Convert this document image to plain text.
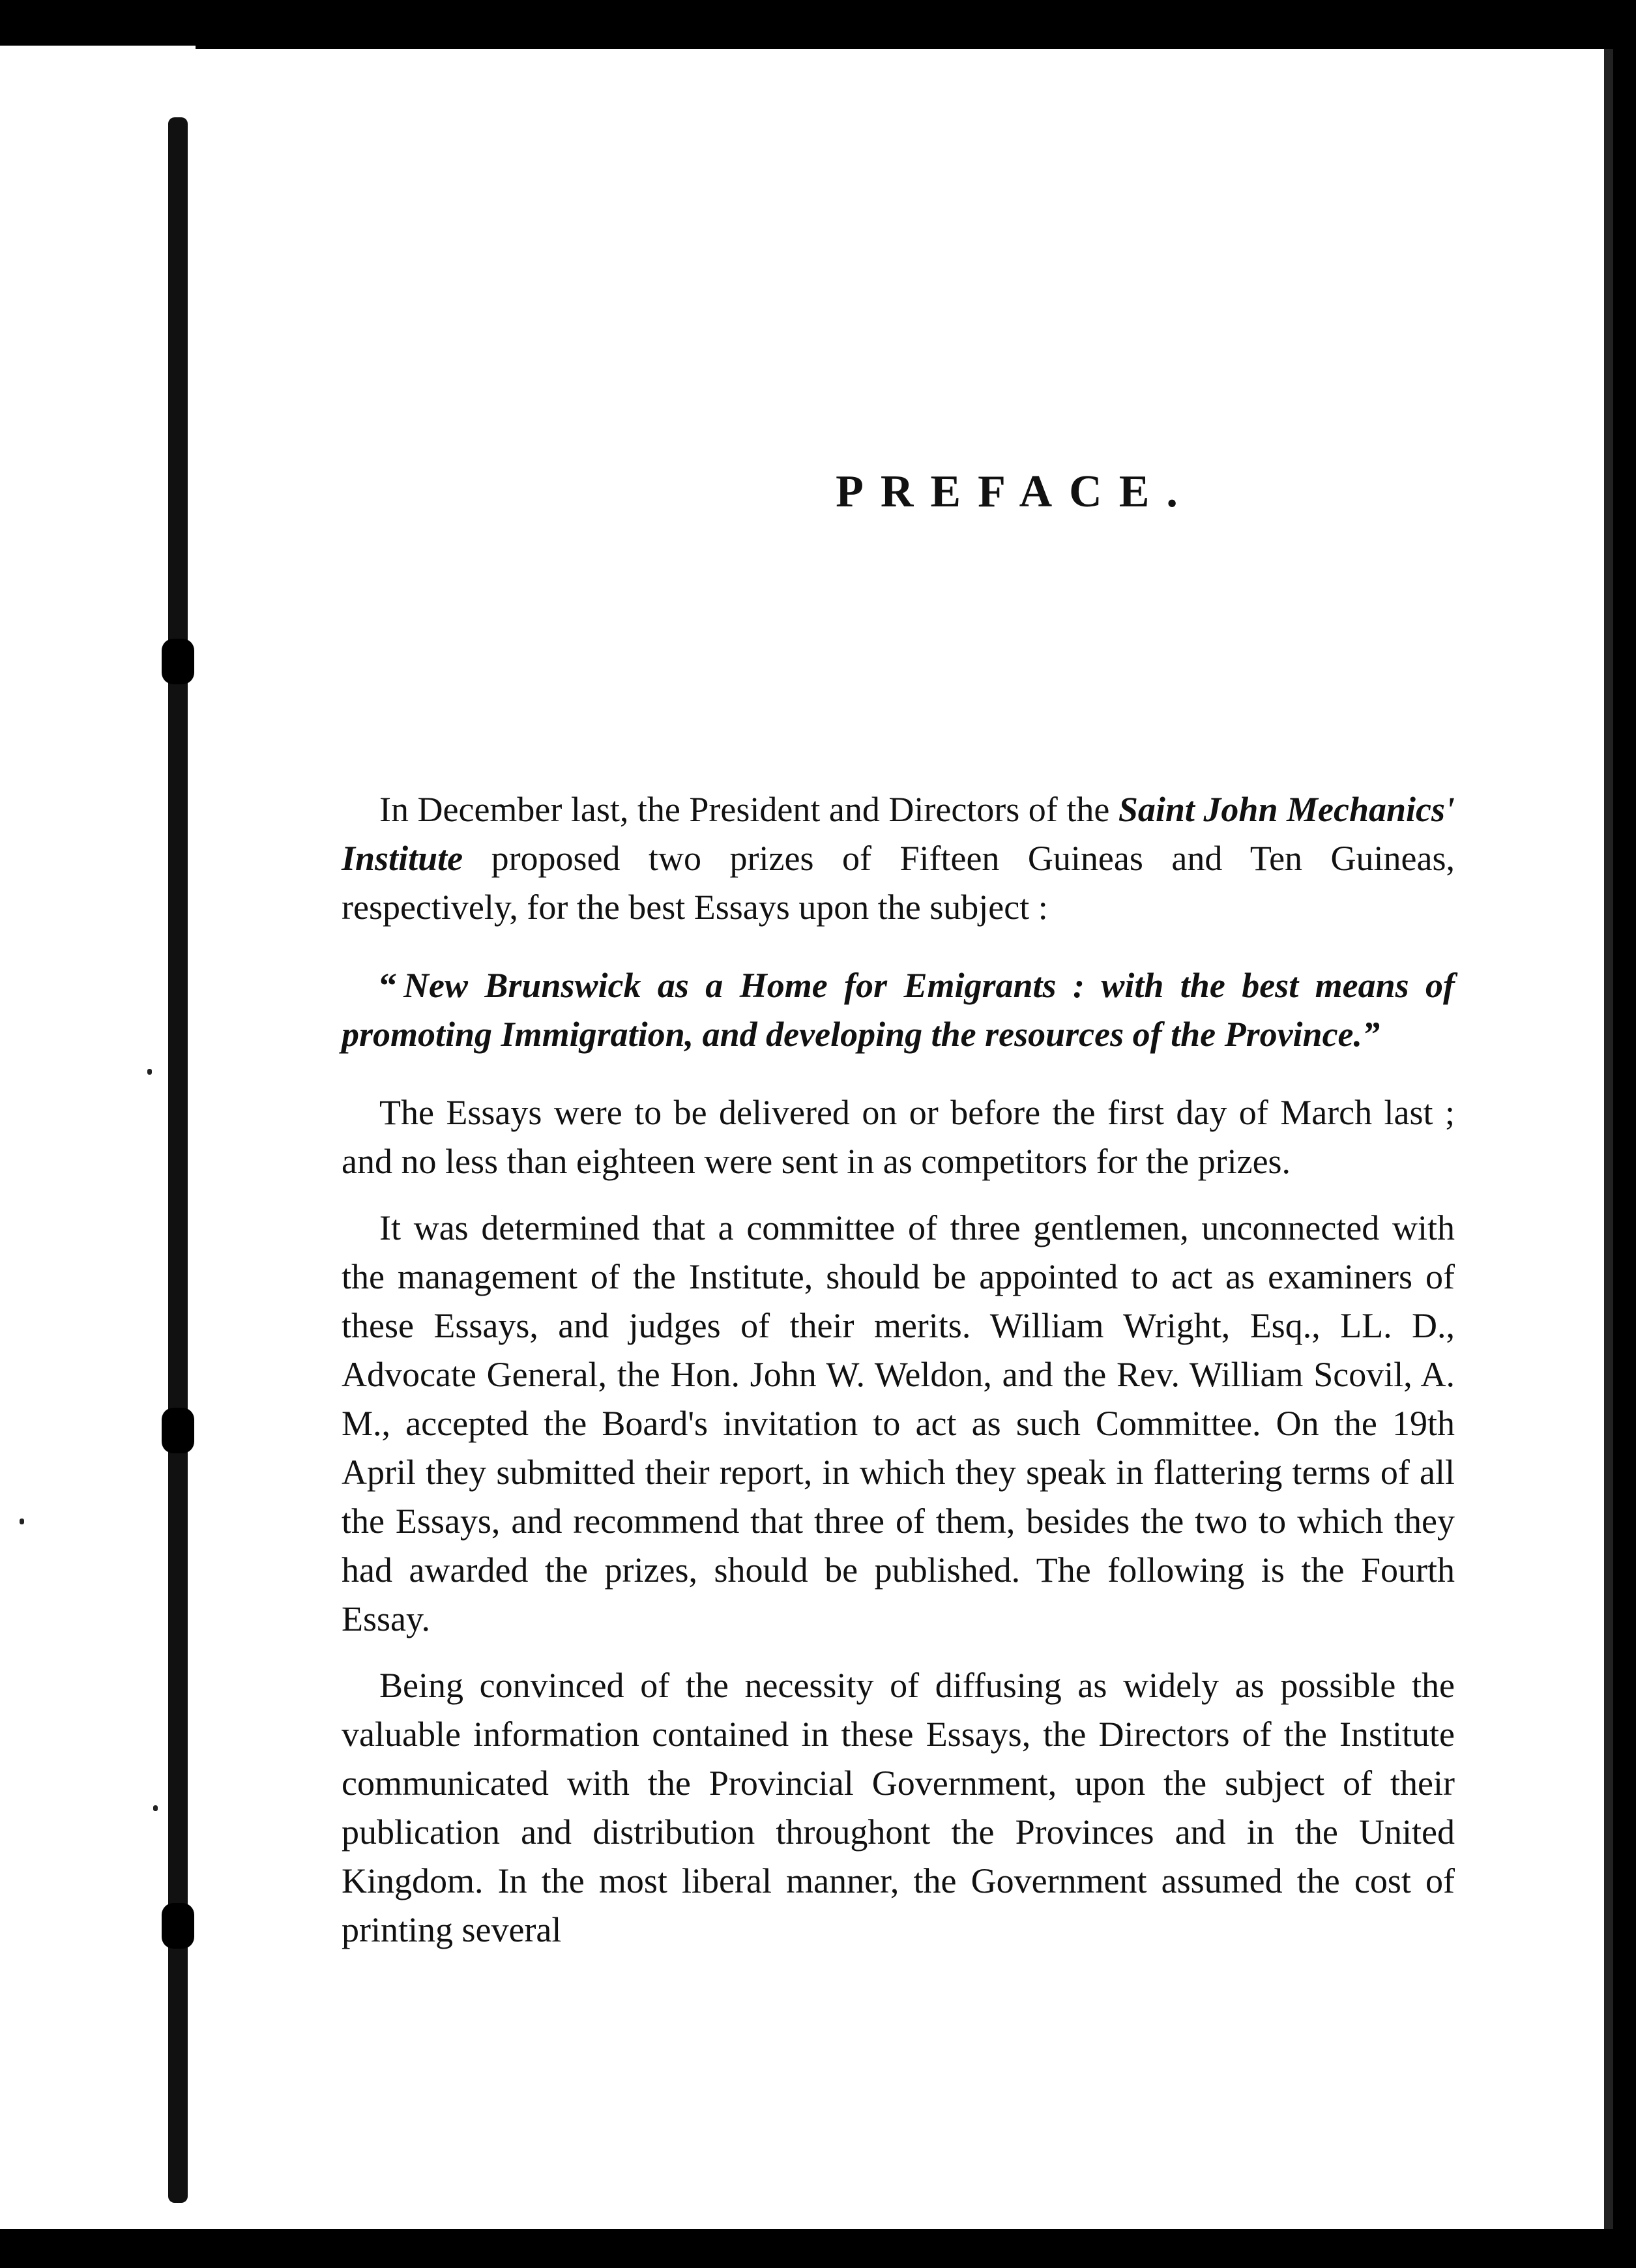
PREFACE.

In December last, the President and Directors of the Saint John Mechanics' Institute proposed two prizes of Fifteen Guineas and Ten Guineas, respectively, for the best Essays upon the subject :

“ New Brunswick as a Home for Emigrants : with the best means of promoting Immigration, and developing the resources of the Province.”

The Essays were to be delivered on or before the first day of March last ; and no less than eighteen were sent in as competitors for the prizes.

It was determined that a committee of three gentlemen, unconnected with the management of the Institute, should be appointed to act as examiners of these Essays, and judges of their merits. William Wright, Esq., LL. D., Advocate General, the Hon. John W. Weldon, and the Rev. William Scovil, A. M., accepted the Board's invitation to act as such Committee. On the 19th April they submitted their report, in which they speak in flattering terms of all the Essays, and recommend that three of them, besides the two to which they had awarded the prizes, should be published. The following is the Fourth Essay.

Being convinced of the necessity of diffusing as widely as possible the valuable information contained in these Essays, the Directors of the Institute communicated with the Provincial Government, upon the subject of their publication and distribution throughont the Provinces and in the United Kingdom. In the most liberal manner, the Government assumed the cost of printing several
